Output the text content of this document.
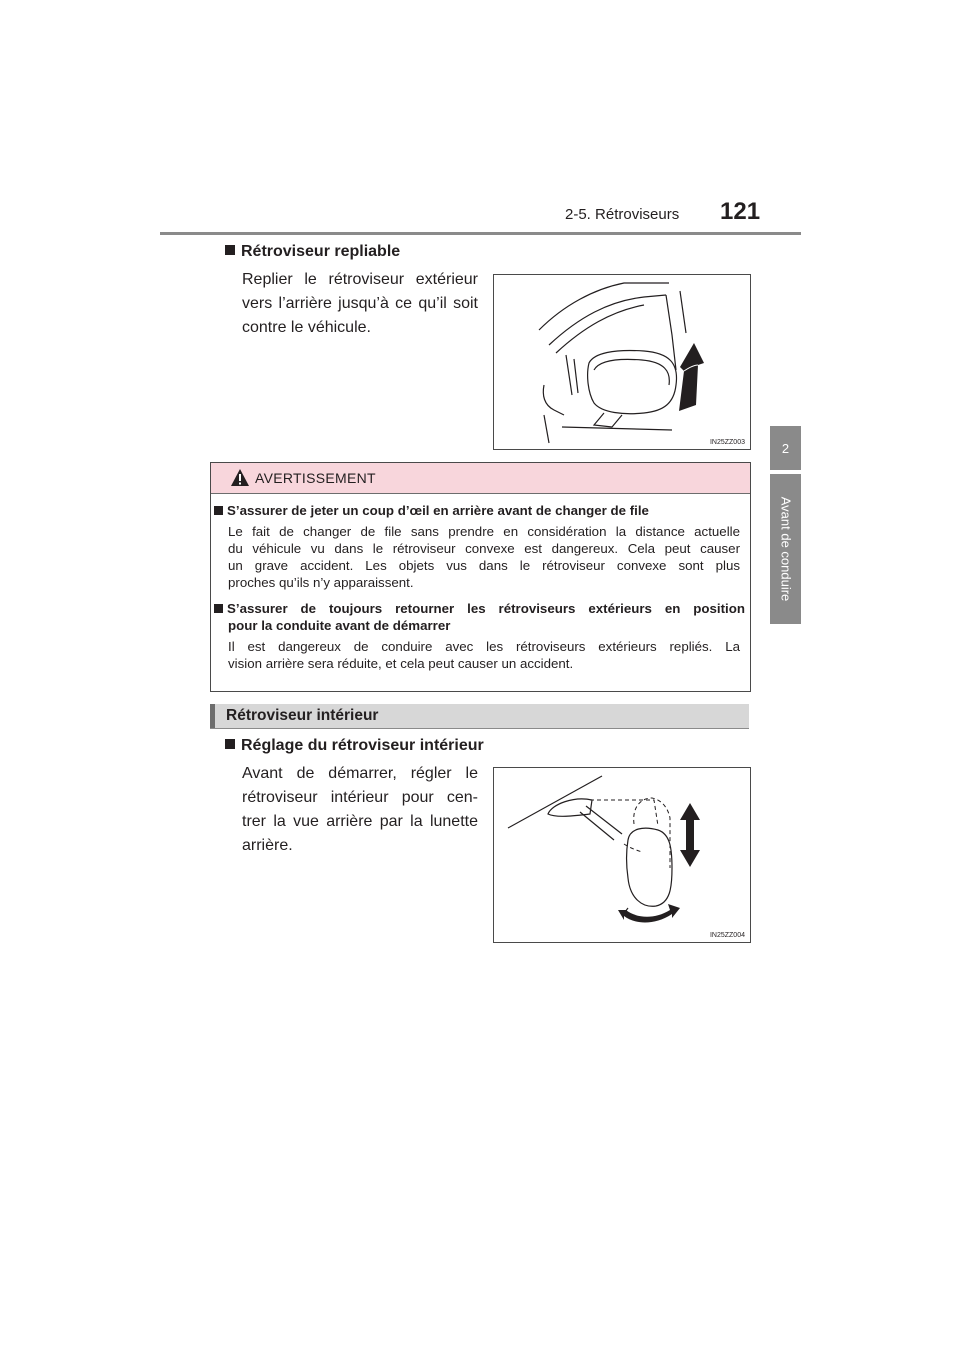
2-5. Rétroviseurs 121
2
Avant de conduire
Rétroviseur repliable
Replier le rétroviseur extérieur
vers l’arrière jusqu’à ce qu’il soit
contre le véhicule.
IN25ZZ003
AVERTISSEMENT
S’assurer de jeter un coup d’œil en arrière avant de changer de file
Le fait de changer de file sans prendre en considération la distance actuelle
du véhicule vu dans le rétroviseur convexe est dangereux. Cela peut causer
un grave accident. Les objets vus dans le rétroviseur convexe sont plus
proches qu’ils n’y apparaissent.
S’assurer de toujours retourner les rétroviseurs extérieurs en position
pour la conduite avant de démarrer
Il est dangereux de conduire avec les rétroviseurs extérieurs repliés. La
vision arrière sera réduite, et cela peut causer un accident.
Rétroviseur intérieur
Réglage du rétroviseur intérieur
Avant de démarrer, régler le
rétroviseur intérieur pour cen-
trer la vue arrière par la lunette
arrière.
IN25ZZ004
